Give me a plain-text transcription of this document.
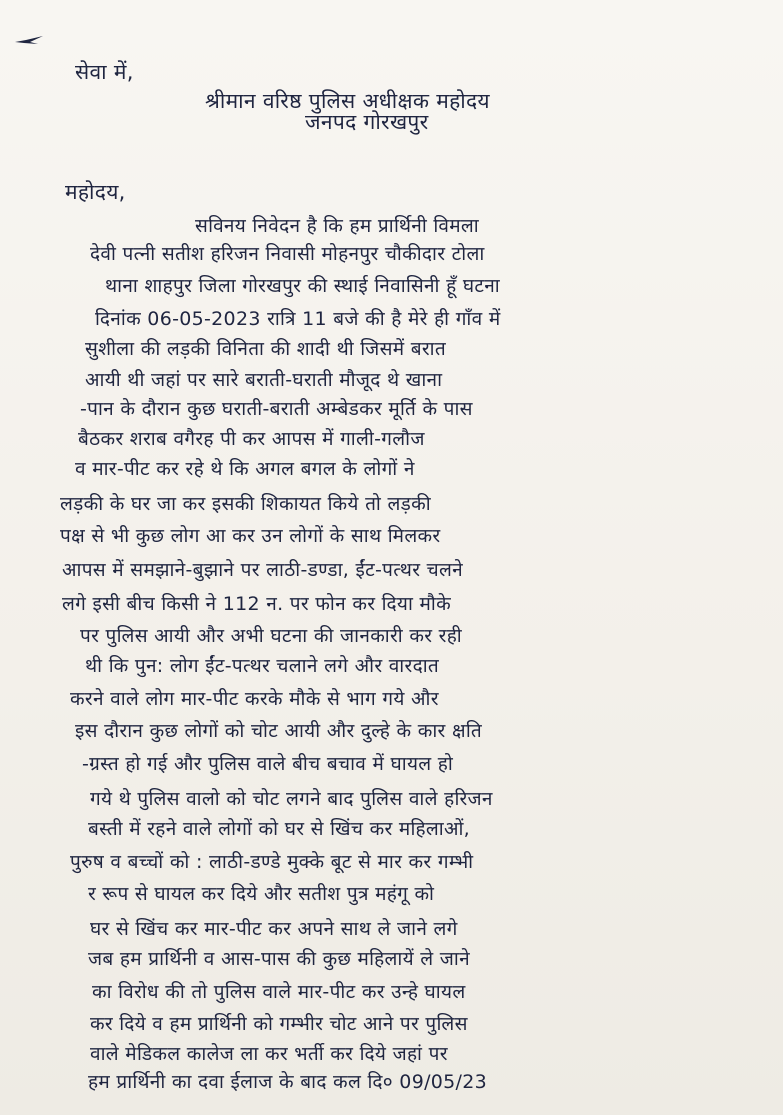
सेवा में,
श्रीमान वरिष्ठ पुलिस अधीक्षक महोदय
जनपद गोरखपुर
महोदय,
सविनय निवेदन है कि हम प्रार्थिनी विमला
देवी पत्नी सतीश हरिजन निवासी मोहनपुर चौकीदार टोला
थाना शाहपुर जिला गोरखपुर की स्थाई निवासिनी हूँ घटना
दिनांक 06-05-2023 रात्रि 11 बजे की है मेरे ही गाँव में
सुशीला की लड़की विनिता की शादी थी जिसमें बरात
आयी थी जहां पर सारे बराती-घराती मौजूद थे खाना
-पान के दौरान कुछ घराती-बराती अम्बेडकर मूर्ति के पास
बैठकर शराब वगैरह पी कर आपस में गाली-गलौज
व मार-पीट कर रहे थे कि अगल बगल के लोगों ने
लड़की के घर जा कर इसकी शिकायत किये तो लड़की
पक्ष से भी कुछ लोग आ कर उन लोगों के साथ मिलकर
आपस में समझाने-बुझाने पर लाठी-डण्डा, ईंट-पत्थर चलने
लगे इसी बीच किसी ने 112 न. पर फोन कर दिया मौके
पर पुलिस आयी और अभी घटना की जानकारी कर रही
थी कि पुन: लोग ईंट-पत्थर चलाने लगे और वारदात
करने वाले लोग मार-पीट करके मौके से भाग गये और
इस दौरान कुछ लोगों को चोट आयी और दुल्हे के कार क्षति
-ग्रस्त हो गई और पुलिस वाले बीच बचाव में घायल हो
गये थे पुलिस वालो को चोट लगने बाद पुलिस वाले हरिजन
बस्ती में रहने वाले लोगों को घर से खिंच कर महिलाओं,
पुरुष व बच्चों को : लाठी-डण्डे मुक्के बूट से मार कर गम्भी
र रूप से घायल कर दिये और सतीश पुत्र महंगू को
घर से खिंच कर मार-पीट कर अपने साथ ले जाने लगे
जब हम प्रार्थिनी व आस-पास की कुछ महिलायें ले जाने
का विरोध की तो पुलिस वाले मार-पीट कर उन्हे घायल
कर दिये व हम प्रार्थिनी को गम्भीर चोट आने पर पुलिस
वाले मेडिकल कालेज ला कर भर्ती कर दिये जहां पर
हम प्रार्थिनी का दवा ईलाज के बाद कल दि० 09/05/23
